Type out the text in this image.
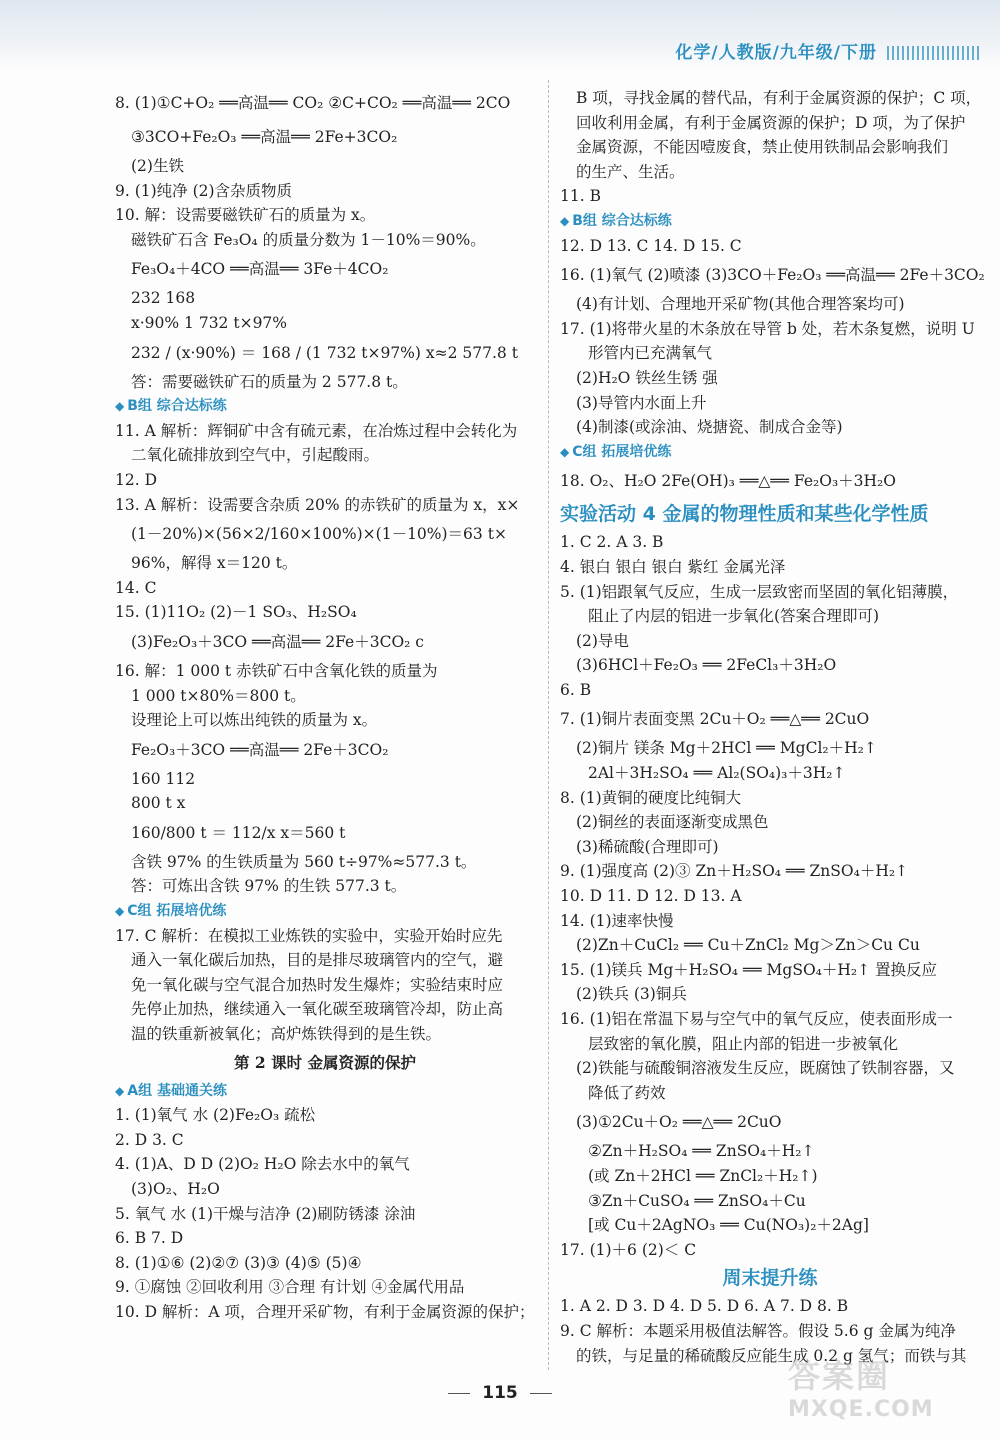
化学/人教版/九年级/下册
8. (1)①C+O₂ ══高温══ CO₂ ②C+CO₂ ══高温══ 2CO
③3CO+Fe₂O₃ ══高温══ 2Fe+3CO₂
(2)生铁
9. (1)纯净 (2)含杂质物质
10. 解：设需要磁铁矿石的质量为 x。
磁铁矿石含 Fe₃O₄ 的质量分数为 1－10%＝90%。
Fe₃O₄＋4CO ══高温══ 3Fe＋4CO₂
232 168
x·90% 1 732 t×97%
232 / (x·90%) ＝ 168 / (1 732 t×97%) x≈2 577.8 t
答：需要磁铁矿石的质量为 2 577.8 t。
◆ B组 综合达标练
11. A 解析：辉铜矿中含有硫元素，在冶炼过程中会转化为
二氧化硫排放到空气中，引起酸雨。
12. D
13. A 解析：设需要含杂质 20% 的赤铁矿的质量为 x，x×
(1－20%)×(56×2/160×100%)×(1－10%)＝63 t×
96%，解得 x＝120 t。
14. C
15. (1)11O₂ (2)－1 SO₃、H₂SO₄
(3)Fe₂O₃＋3CO ══高温══ 2Fe＋3CO₂ c
16. 解：1 000 t 赤铁矿石中含氧化铁的质量为
1 000 t×80%＝800 t。
设理论上可以炼出纯铁的质量为 x。
Fe₂O₃＋3CO ══高温══ 2Fe＋3CO₂
160 112
800 t x
160/800 t ＝ 112/x x＝560 t
含铁 97% 的生铁质量为 560 t÷97%≈577.3 t。
答：可炼出含铁 97% 的生铁 577.3 t。
◆ C组 拓展培优练
17. C 解析：在模拟工业炼铁的实验中，实验开始时应先
通入一氧化碳后加热，目的是排尽玻璃管内的空气，避
免一氧化碳与空气混合加热时发生爆炸；实验结束时应
先停止加热，继续通入一氧化碳至玻璃管冷却，防止高
温的铁重新被氧化；高炉炼铁得到的是生铁。
第 2 课时 金属资源的保护
◆ A组 基础通关练
1. (1)氧气 水 (2)Fe₂O₃ 疏松
2. D 3. C
4. (1)A、D D (2)O₂ H₂O 除去水中的氧气
(3)O₂、H₂O
5. 氧气 水 (1)干燥与洁净 (2)刷防锈漆 涂油
6. B 7. D
8. (1)①⑥ (2)②⑦ (3)③ (4)⑤ (5)④
9. ①腐蚀 ②回收利用 ③合理 有计划 ④金属代用品
10. D 解析：A 项，合理开采矿物，有利于金属资源的保护；
B 项，寻找金属的替代品，有利于金属资源的保护；C 项，
回收利用金属，有利于金属资源的保护；D 项，为了保护
金属资源，不能因噎废食，禁止使用铁制品会影响我们
的生产、生活。
11. B
◆ B组 综合达标练
12. D 13. C 14. D 15. C
16. (1)氧气 (2)喷漆 (3)3CO＋Fe₂O₃ ══高温══ 2Fe＋3CO₂
(4)有计划、合理地开采矿物(其他合理答案均可)
17. (1)将带火星的木条放在导管 b 处，若木条复燃，说明 U
形管内已充满氧气
(2)H₂O 铁丝生锈 强
(3)导管内水面上升
(4)制漆(或涂油、烧搪瓷、制成合金等)
◆ C组 拓展培优练
18. O₂、H₂O 2Fe(OH)₃ ══△══ Fe₂O₃＋3H₂O
实验活动 4 金属的物理性质和某些化学性质
1. C 2. A 3. B
4. 银白 银白 银白 紫红 金属光泽
5. (1)铝跟氧气反应，生成一层致密而坚固的氧化铝薄膜，
阻止了内层的铝进一步氧化(答案合理即可)
(2)导电
(3)6HCl＋Fe₂O₃ ══ 2FeCl₃＋3H₂O
6. B
7. (1)铜片表面变黑 2Cu＋O₂ ══△══ 2CuO
(2)铜片 镁条 Mg＋2HCl ══ MgCl₂＋H₂↑
2Al＋3H₂SO₄ ══ Al₂(SO₄)₃＋3H₂↑
8. (1)黄铜的硬度比纯铜大
(2)铜丝的表面逐渐变成黑色
(3)稀硫酸(合理即可)
9. (1)强度高 (2)③ Zn＋H₂SO₄ ══ ZnSO₄＋H₂↑
10. D 11. D 12. D 13. A
14. (1)速率快慢
(2)Zn＋CuCl₂ ══ Cu＋ZnCl₂ Mg＞Zn＞Cu Cu
15. (1)镁兵 Mg＋H₂SO₄ ══ MgSO₄＋H₂↑ 置换反应
(2)铁兵 (3)铜兵
16. (1)铝在常温下易与空气中的氧气反应，使表面形成一
层致密的氧化膜，阻止内部的铝进一步被氧化
(2)铁能与硫酸铜溶液发生反应，既腐蚀了铁制容器，又
降低了药效
(3)①2Cu＋O₂ ══△══ 2CuO
②Zn＋H₂SO₄ ══ ZnSO₄＋H₂↑
(或 Zn＋2HCl ══ ZnCl₂＋H₂↑)
③Zn＋CuSO₄ ══ ZnSO₄＋Cu
[或 Cu＋2AgNO₃ ══ Cu(NO₃)₂＋2Ag]
17. (1)＋6 (2)＜ C
周末提升练
1. A 2. D 3. D 4. D 5. D 6. A 7. D 8. B
9. C 解析：本题采用极值法解答。假设 5.6 g 金属为纯净
的铁，与足量的稀硫酸反应能生成 0.2 g 氢气；而铁与其
115	答案圈
MXQE.COM
